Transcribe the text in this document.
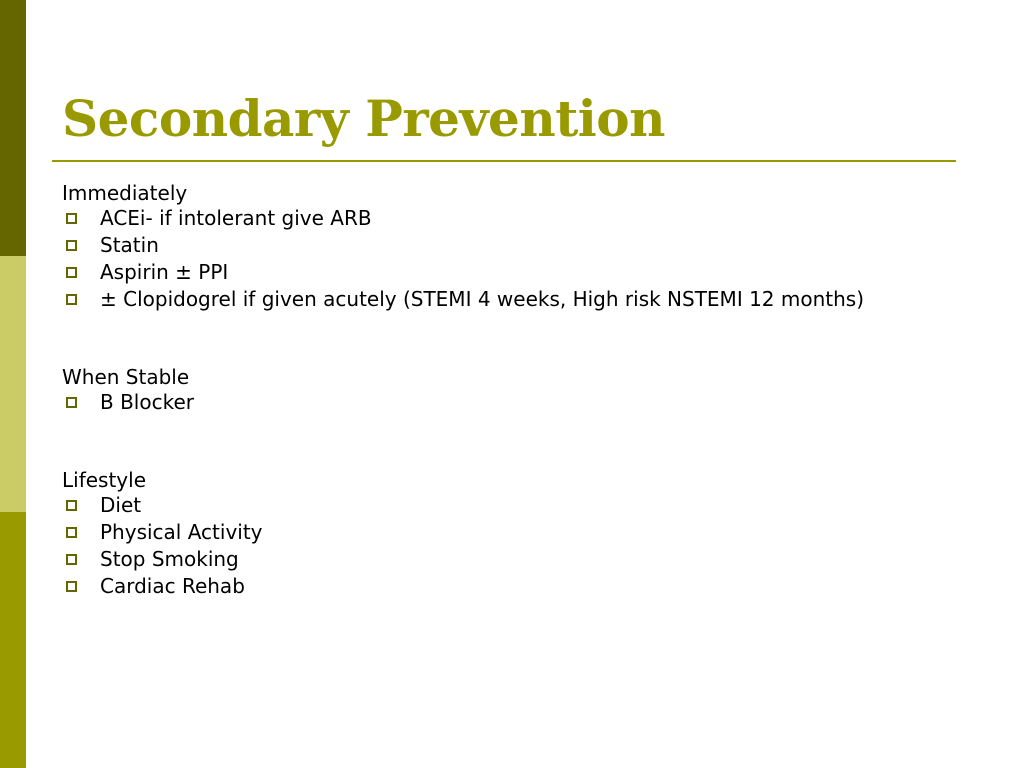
Secondary Prevention

Immediately

ACEi- if intolerant give ARB
Statin
Aspirin ± PPI
± Clopidogrel if given acutely (STEMI 4 weeks, High risk NSTEMI 12 months)

When Stable

B Blocker

Lifestyle

Diet
Physical Activity
Stop Smoking
Cardiac Rehab
